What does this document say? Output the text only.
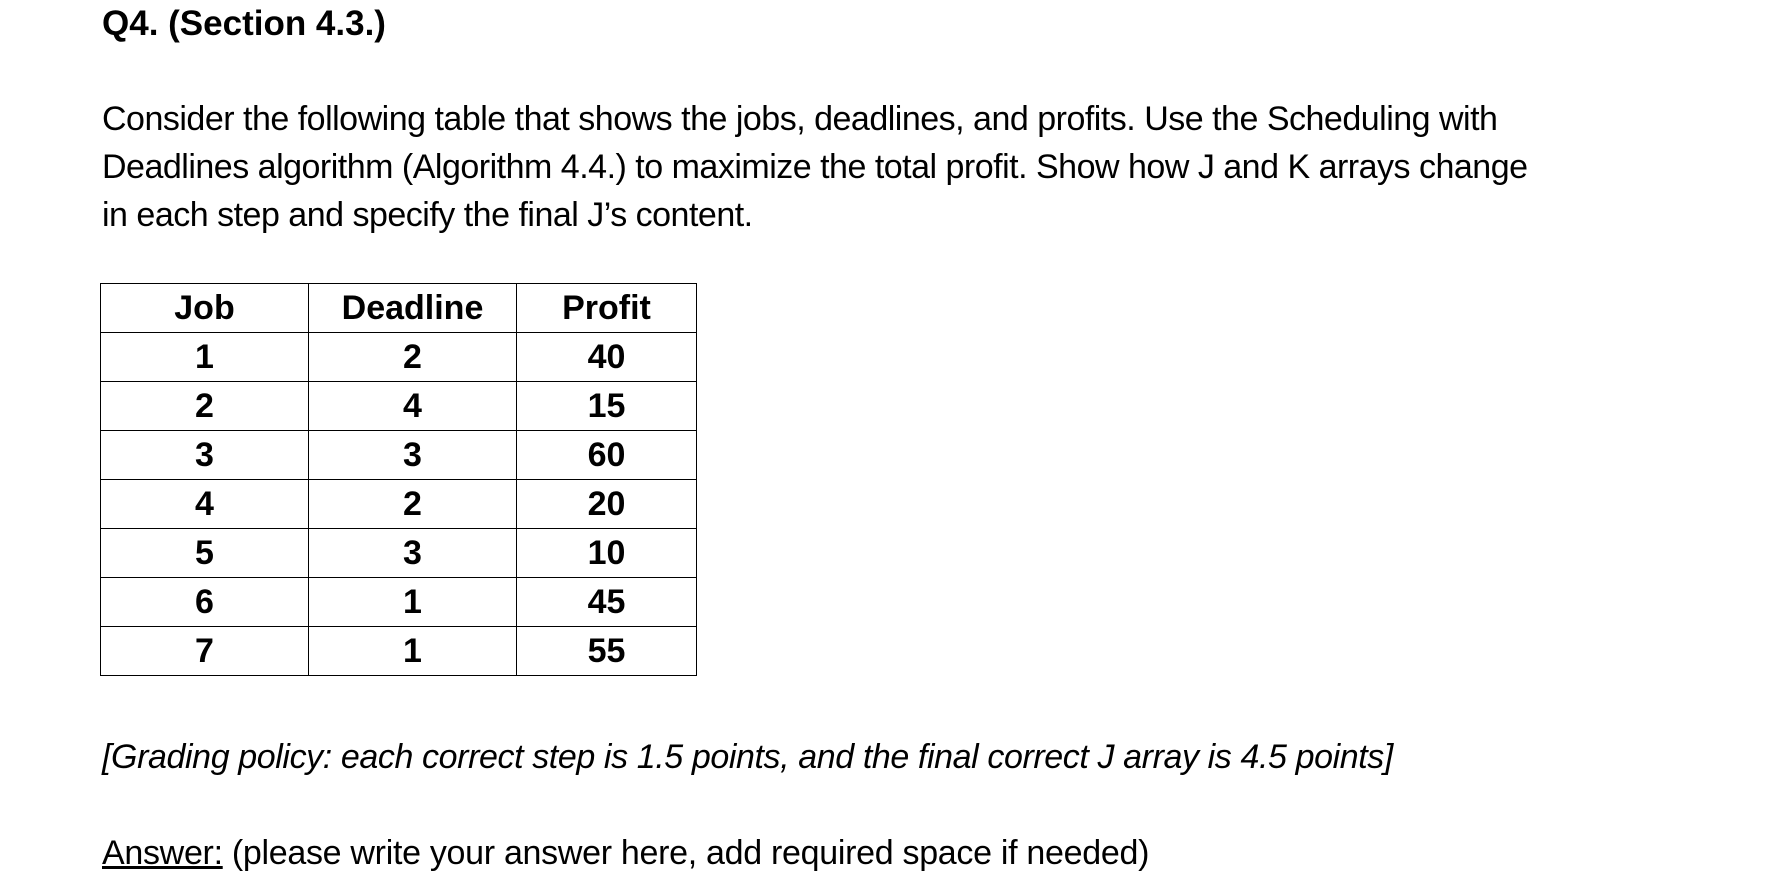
Q4. (Section 4.3.)

Consider the following table that shows the jobs, deadlines, and profits. Use the Scheduling with
Deadlines algorithm (Algorithm 4.4.) to maximize the total profit. Show how J and K arrays change
in each step and specify the final J’s content.

Job	Deadline	Profit
1	2	40
2	4	15
3	3	60
4	2	20
5	3	10
6	1	45
7	1	55
[Grading policy: each correct step is 1.5 points, and the final correct J array is 4.5 points]
Answer: (please write your answer here, add required space if needed)
